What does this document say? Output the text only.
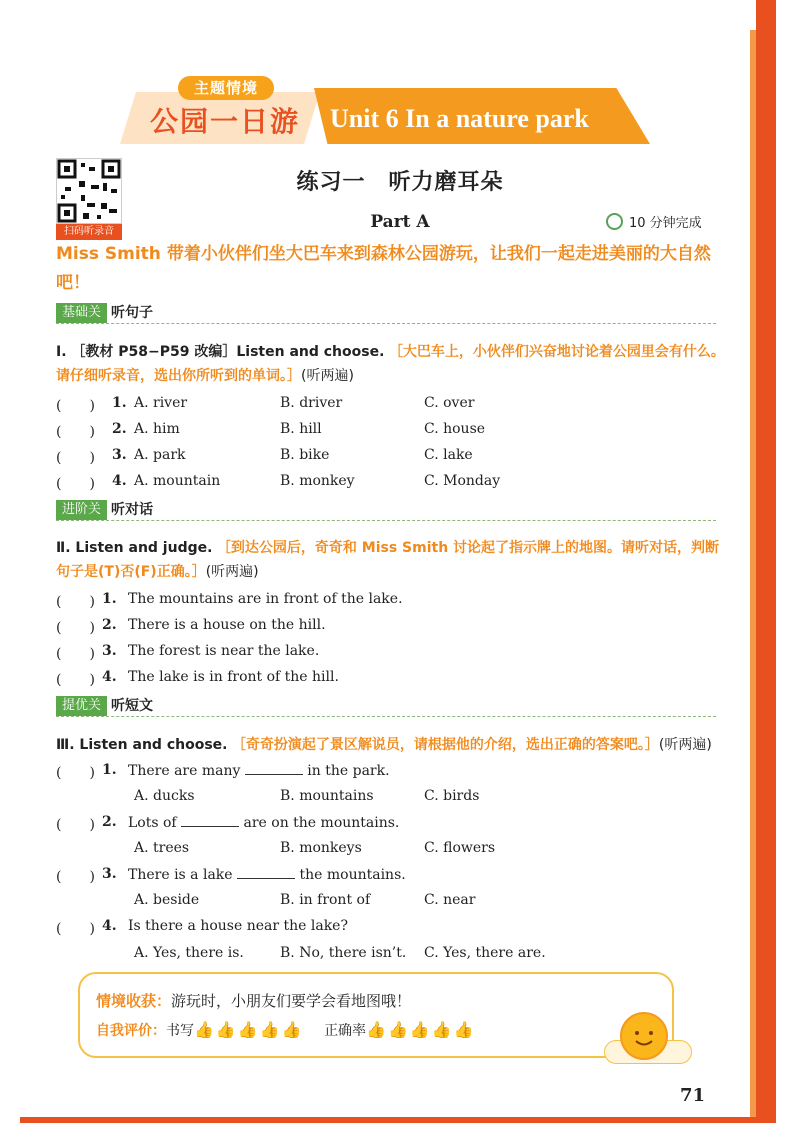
主题情境
公园一日游 Unit 6 In a nature park
扫码听录音
练习一　听力磨耳朵
Part A	10 分钟完成
Miss Smith 带着小伙伴们坐大巴车来到森林公园游玩，让我们一起走进美丽的大自然吧！
基础关 听句子
Ⅰ. ［教材 P58−P59 改编］Listen and choose. ［大巴车上，小伙伴们兴奋地讨论着公园里会有什么。请仔细听录音，选出你所听到的单词。］(听两遍)
(　　) 1. A. river	B. driver	C. over
(　　) 2. A. him	B. hill	C. house
(　　) 3. A. park	B. bike	C. lake
(　　) 4. A. mountain	B. monkey	C. Monday
进阶关 听对话
Ⅱ. Listen and judge. ［到达公园后，奇奇和 Miss Smith 讨论起了指示牌上的地图。请听对话，判断句子是(T)否(F)正确。］(听两遍)
(　　) 1. The mountains are in front of the lake.
(　　) 2. There is a house on the hill.
(　　) 3. The forest is near the lake.
(　　) 4. The lake is in front of the hill.
提优关 听短文
Ⅲ. Listen and choose. ［奇奇扮演起了景区解说员，请根据他的介绍，选出正确的答案吧。］(听两遍)
(　　) 1. There are many	in the park.
A. ducks	B. mountains	C. birds
(　　) 2. Lots of	are on the mountains.
A. trees	B. monkeys	C. flowers
(　　) 3. There is a lake	the mountains.
A. beside	B. in front of	C. near
(　　) 4. Is there a house near the lake?
A. Yes, there is.	B. No, there isn’t. C. Yes, there are.
情境收获：游玩时，小朋友们要学会看地图哦！
自我评价：书写👍👍👍👍👍 正确率👍👍👍👍👍
71
